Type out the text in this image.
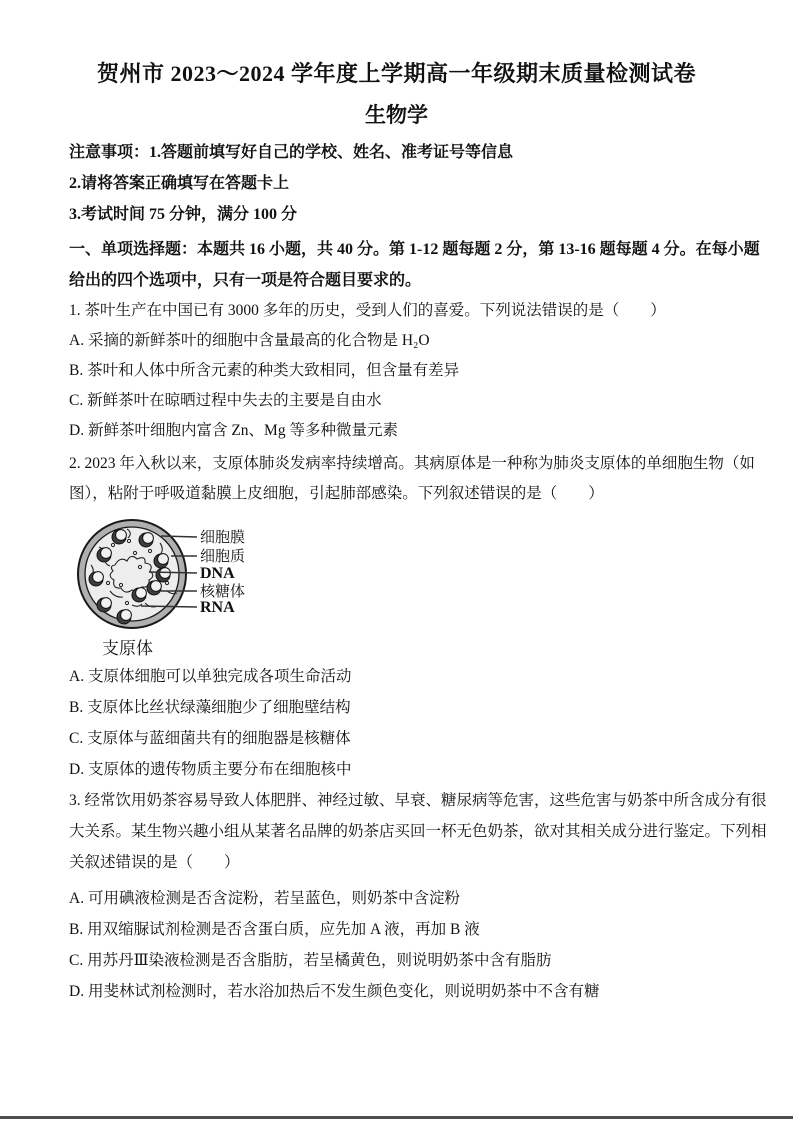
贺州市 2023～2024 学年度上学期高一年级期末质量检测试卷
生物学

注意事项：1.答题前填写好自己的学校、姓名、准考证号等信息

2.请将答案正确填写在答题卡上

3.考试时间 75 分钟，满分 100 分

一、单项选择题：本题共 16 小题，共 40 分。第 1-12 题每题 2 分，第 13-16 题每题 4 分。在每小题给出的四个选项中，只有一项是符合题目要求的。

1. 茶叶生产在中国已有 3000 多年的历史，受到人们的喜爱。下列说法错误的是（　　）

A. 采摘的新鲜茶叶的细胞中含量最高的化合物是 H₂O

B. 茶叶和人体中所含元素的种类大致相同，但含量有差异

C. 新鲜茶叶在晾晒过程中失去的主要是自由水

D. 新鲜茶叶细胞内富含 Zn、Mg 等多种微量元素

2. 2023 年入秋以来，支原体肺炎发病率持续增高。其病原体是一种称为肺炎支原体的单细胞生物（如图），粘附于呼吸道黏膜上皮细胞，引起肺部感染。下列叙述错误的是（　　）

细胞膜
细胞质
DNA
核糖体
RNA
支原体

A. 支原体细胞可以单独完成各项生命活动

B. 支原体比丝状绿藻细胞少了细胞壁结构

C. 支原体与蓝细菌共有的细胞器是核糖体

D. 支原体的遗传物质主要分布在细胞核中

3. 经常饮用奶茶容易导致人体肥胖、神经过敏、早衰、糖尿病等危害，这些危害与奶茶中所含成分有很大关系。某生物兴趣小组从某著名品牌的奶茶店买回一杯无色奶茶，欲对其相关成分进行鉴定。下列相关叙述错误的是（　　）

A. 可用碘液检测是否含淀粉，若呈蓝色，则奶茶中含淀粉

B. 用双缩脲试剂检测是否含蛋白质，应先加 A 液，再加 B 液

C. 用苏丹Ⅲ染液检测是否含脂肪，若呈橘黄色，则说明奶茶中含有脂肪

D. 用斐林试剂检测时，若水浴加热后不发生颜色变化，则说明奶茶中不含有糖
